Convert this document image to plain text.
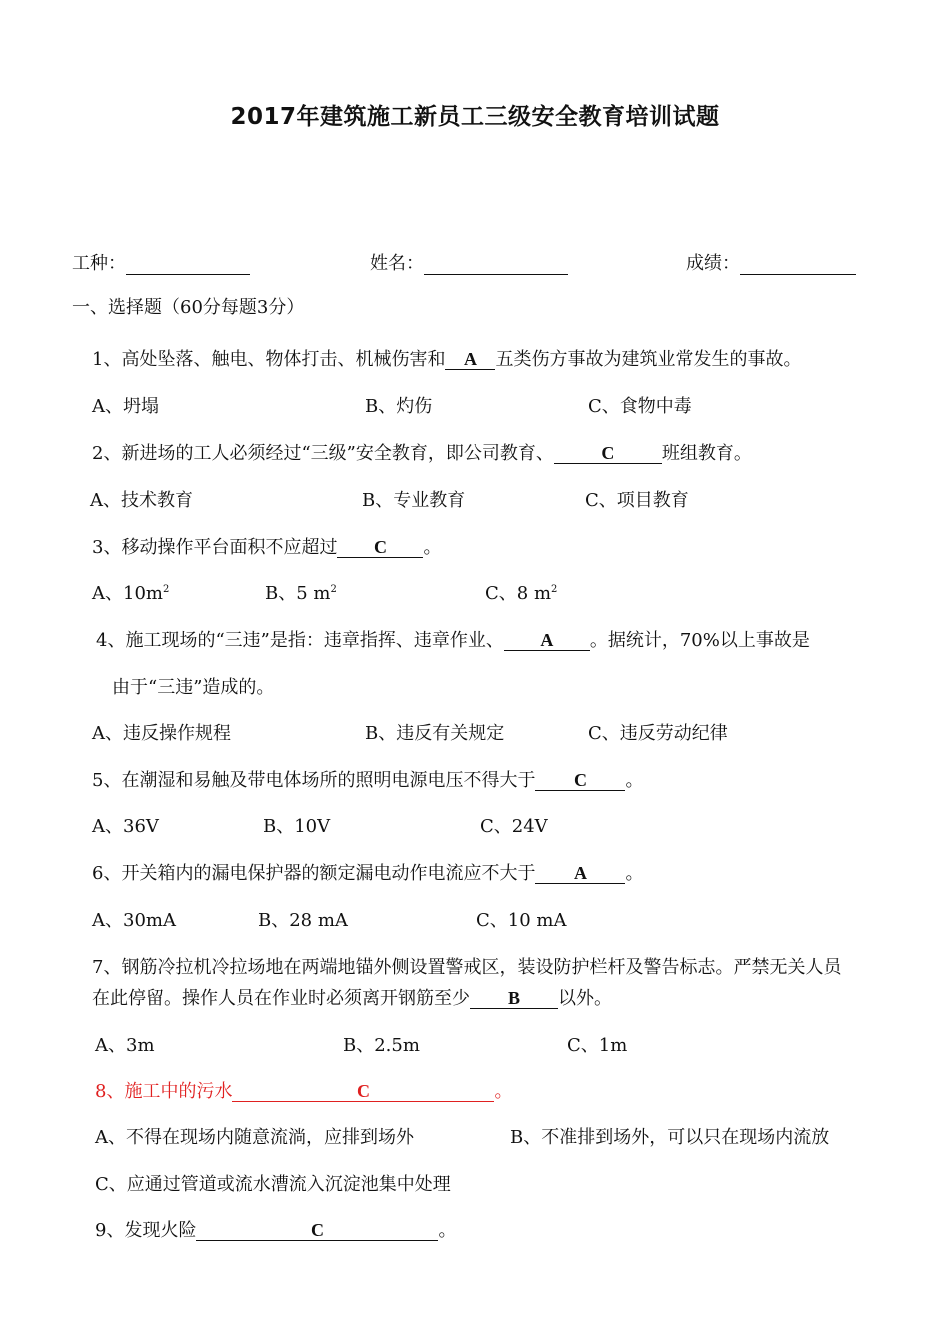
2017年建筑施工新员工三级安全教育培训试题
工种：	姓名：	成绩：
一、选择题（60分每题3分）
1、高处坠落、触电、物体打击、机械伤害和 A 五类伤方事故为建筑业常发生的事故。
A、坍塌	B、灼伤	C、食物中毒
2、新进场的工人必须经过“三级”安全教育，即公司教育、	C	班组教育。
A、技术教育	B、专业教育	C、项目教育
3、移动操作平台面积不应超过 C 。
A、$10m^2$	B、5 $m^2$	C、8 $m^2$
4、施工现场的“三违”是指：违章指挥、违章作业、 A 。据统计，70%以上事故是
由于“三违”造成的。
A、违反操作规程	B、违反有关规定	C、违反劳动纪律
5、在潮湿和易触及带电体场所的照明电源电压不得大于 C 。
A、36V	B、10V	C、24V
6、开关箱内的漏电保护器的额定漏电动作电流应不大于 A 。
A、30mA	B、28 mA	C、10 mA
7、钢筋冷拉机冷拉场地在两端地锚外侧设置警戒区，装设防护栏杆及警告标志。严禁无关人员
在此停留。操作人员在作业时必须离开钢筋至少 B 以外。
A、3m	B、2.5m	C、1m
8、施工中的污水	C	。
A、不得在现场内随意流淌，应排到场外	B、不准排到场外，可以只在现场内流放
C、应通过管道或流水漕流入沉淀池集中处理
9、发现火险	C	。
